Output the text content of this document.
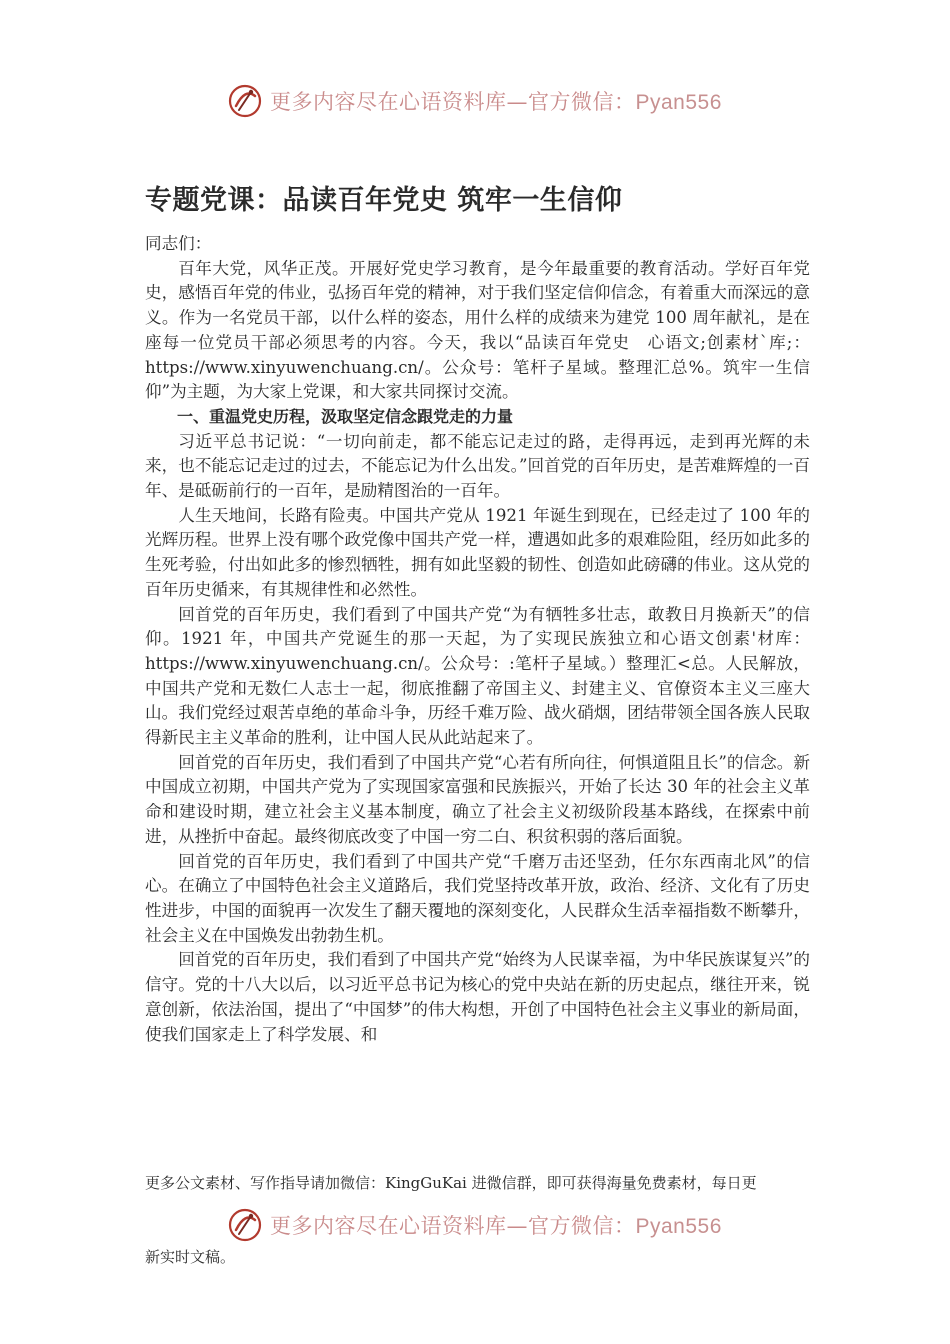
更多内容尽在心语资料库—官方微信：Pyan556
专题党课：品读百年党史 筑牢一生信仰

同志们：

百年大党，风华正茂。开展好党史学习教育，是今年最重要的教育活动。学好百年党史，感悟百年党的伟业，弘扬百年党的精神，对于我们坚定信仰信念，有着重大而深远的意义。作为一名党员干部，以什么样的姿态，用什么样的成绩来为建党 100 周年献礼，是在座每一位党员干部必须思考的内容。今天，我以“品读百年党史　心语文;创素材`库;：https://www.xinyuwenchuang.cn/。公众号：笔杆子星域。整理汇总%。筑牢一生信仰”为主题，为大家上党课，和大家共同探讨交流。

一、重温党史历程，汲取坚定信念跟党走的力量

习近平总书记说：“一切向前走，都不能忘记走过的路，走得再远，走到再光辉的未来，也不能忘记走过的过去，不能忘记为什么出发。”回首党的百年历史，是苦难辉煌的一百年、是砥砺前行的一百年，是励精图治的一百年。

人生天地间，长路有险夷。中国共产党从 1921 年诞生到现在，已经走过了 100 年的光辉历程。世界上没有哪个政党像中国共产党一样，遭遇如此多的艰难险阻，经历如此多的生死考验，付出如此多的惨烈牺牲，拥有如此坚毅的韧性、创造如此磅礴的伟业。这从党的百年历史循来，有其规律性和必然性。

回首党的百年历史，我们看到了中国共产党“为有牺牲多壮志，敢教日月换新天”的信仰。1921 年，中国共产党诞生的那一天起，为了实现民族独立和心语文创素'材库：https://www.xinyuwenchuang.cn/。公众号：:笔杆子星域。）整理汇<总。人民解放，中国共产党和无数仁人志士一起，彻底推翻了帝国主义、封建主义、官僚资本主义三座大山。我们党经过艰苦卓绝的革命斗争，历经千难万险、战火硝烟，团结带领全国各族人民取得新民主主义革命的胜利，让中国人民从此站起来了。

回首党的百年历史，我们看到了中国共产党“心若有所向往，何惧道阻且长”的信念。新中国成立初期，中国共产党为了实现国家富强和民族振兴，开始了长达 30 年的社会主义革命和建设时期，建立社会主义基本制度，确立了社会主义初级阶段基本路线，在探索中前进，从挫折中奋起。最终彻底改变了中国一穷二白、积贫积弱的落后面貌。

回首党的百年历史，我们看到了中国共产党“千磨万击还坚劲，任尔东西南北风”的信心。在确立了中国特色社会主义道路后，我们党坚持改革开放，政治、经济、文化有了历史性进步，中国的面貌再一次发生了翻天覆地的深刻变化，人民群众生活幸福指数不断攀升，社会主义在中国焕发出勃勃生机。

回首党的百年历史，我们看到了中国共产党“始终为人民谋幸福，为中华民族谋复兴”的信守。党的十八大以后，以习近平总书记为核心的党中央站在新的历史起点，继往开来，锐意创新，依法治国，提出了“中国梦”的伟大构想，开创了中国特色社会主义事业的新局面，使我们国家走上了科学发展、和

更多公文素材、写作指导请加微信：KingGuKai 进微信群，即可获得海量免费素材，每日更
更多内容尽在心语资料库—官方微信：Pyan556
新实时文稿。
